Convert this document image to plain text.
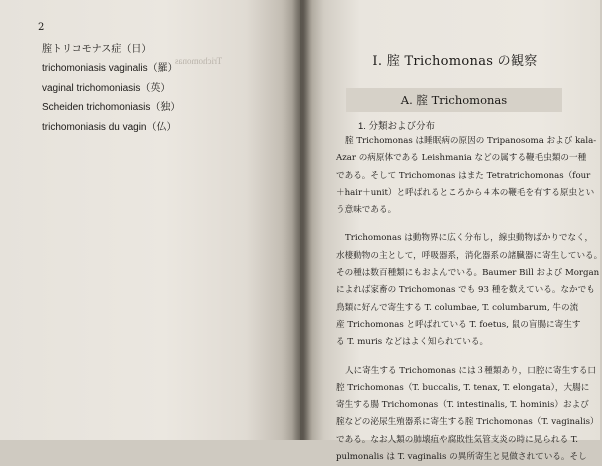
2
腟トリコモナス症（日）
trichomoniasis vaginalis（羅）
vaginal trichomoniasis（英）
Scheiden trichomoniasis（独）
trichomoniasis du vagin（仏）
Trichomonas	I. 腟 Trichomonas の観察
A. 腟 Trichomonas
1. 分類および分布
腟 Trichomonas は睡眠病の原因の Tripanosoma および kala-
Azar の病原体である Leishmania などの属する鞭毛虫類の一種
である。そして Trichomonas はまた Tetratrichomonas（four
＋hair＋unit）と呼ばれるところから４本の鞭毛を有する原虫とい
う意味である。
Trichomonas は動物界に広く分布し，線虫動物ばかりでなく，
水棲動物の主として，呼吸器系，消化器系の諸臓器に寄生している。
その種は数百種類にもおよんでいる。Baumer Bill および Morgan
によれば家畜の Trichomonas でも 93 種を数えている。なかでも
鳥類に好んで寄生する T. columbae, T. columbarum, 牛の流
産 Trichomonas と呼ばれている T. foetus, 鼠の盲腸に寄生す
る T. muris などはよく知られている。
人に寄生する Trichomonas には３種類あり，口腔に寄生する口
腔 Trichomonas（T. buccalis, T. tenax, T. elongata），大腸に
寄生する腸 Trichomonas（T. intestinalis, T. hominis）および
腟などの泌尿生殖器系に寄生する腟 Trichomonas（T. vaginalis）
である。なお人類の肺壊疽や腐敗性気管支炎の時に見られる T.
pulmonalis は T. vaginalis の異所寄生と見做されている。そし
